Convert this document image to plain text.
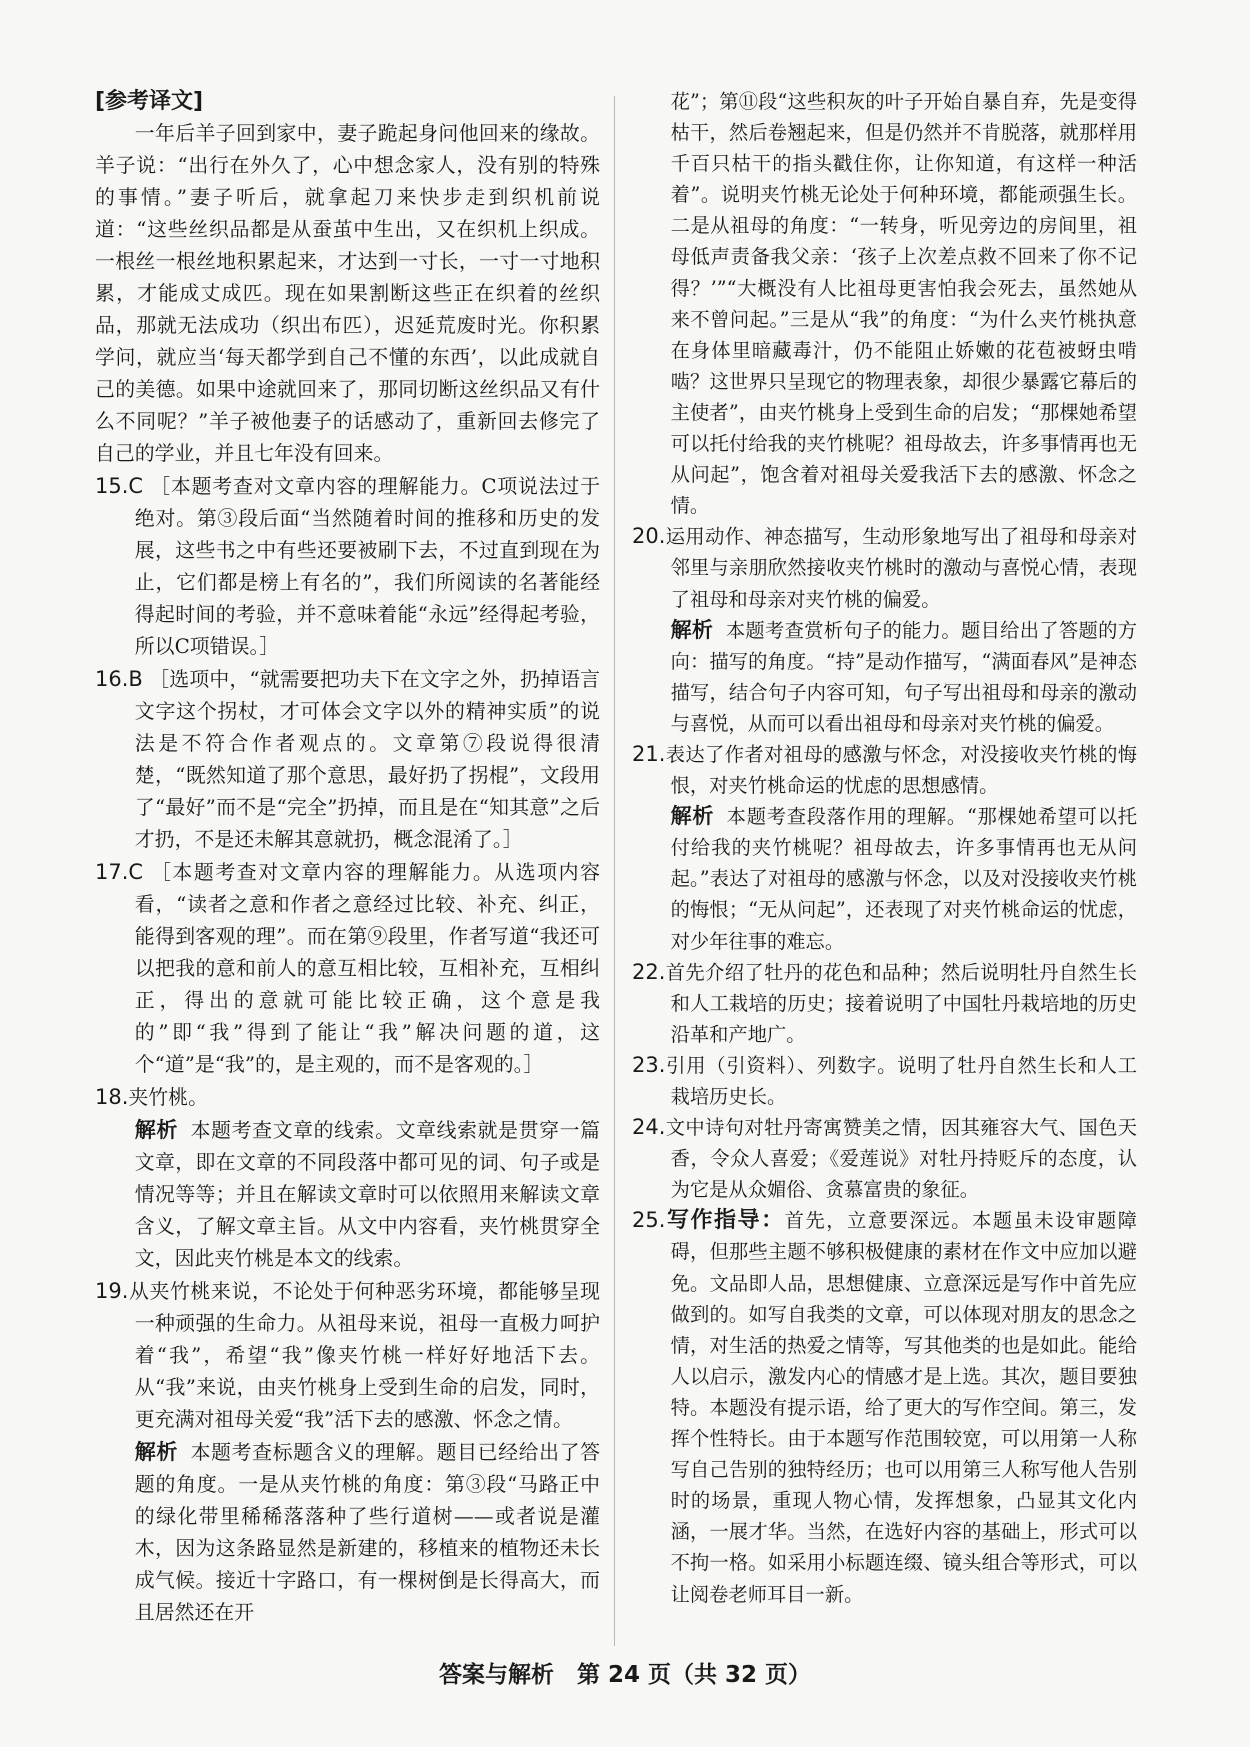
[参考译文]

一年后羊子回到家中，妻子跪起身问他回来的缘故。羊子说：“出行在外久了，心中想念家人，没有别的特殊的事情。”妻子听后，就拿起刀来快步走到织机前说道：“这些丝织品都是从蚕茧中生出，又在织机上织成。一根丝一根丝地积累起来，才达到一寸长，一寸一寸地积累，才能成丈成匹。现在如果割断这些正在织着的丝织品，那就无法成功（织出布匹），迟延荒废时光。你积累学问，就应当‘每天都学到自己不懂的东西’，以此成就自己的美德。如果中途就回来了，那同切断这丝织品又有什么不同呢？”羊子被他妻子的话感动了，重新回去修完了自己的学业，并且七年没有回来。

15.C ［本题考查对文章内容的理解能力。C项说法过于绝对。第③段后面“当然随着时间的推移和历史的发展，这些书之中有些还要被刷下去，不过直到现在为止，它们都是榜上有名的”，我们所阅读的名著能经得起时间的考验，并不意味着能“永远”经得起考验，所以C项错误。］

16.B ［选项中，“就需要把功夫下在文字之外，扔掉语言文字这个拐杖，才可体会文字以外的精神实质”的说法是不符合作者观点的。文章第⑦段说得很清楚，“既然知道了那个意思，最好扔了拐棍”，文段用了“最好”而不是“完全”扔掉，而且是在“知其意”之后才扔，不是还未解其意就扔，概念混淆了。］

17.C ［本题考查对文章内容的理解能力。从选项内容看，“读者之意和作者之意经过比较、补充、纠正，能得到客观的理”。而在第⑨段里，作者写道“我还可以把我的意和前人的意互相比较，互相补充，互相纠正，得出的意就可能比较正确，这个意是我的”即“我”得到了能让“我”解决问题的道，这个“道”是“我”的，是主观的，而不是客观的。］

18.夹竹桃。

解析 本题考查文章的线索。文章线索就是贯穿一篇文章，即在文章的不同段落中都可见的词、句子或是情况等等；并且在解读文章时可以依照用来解读文章含义，了解文章主旨。从文中内容看，夹竹桃贯穿全文，因此夹竹桃是本文的线索。

19.从夹竹桃来说，不论处于何种恶劣环境，都能够呈现一种顽强的生命力。从祖母来说，祖母一直极力呵护着“我”，希望“我”像夹竹桃一样好好地活下去。从“我”来说，由夹竹桃身上受到生命的启发，同时，更充满对祖母关爱“我”活下去的感激、怀念之情。

解析 本题考查标题含义的理解。题目已经给出了答题的角度。一是从夹竹桃的角度：第③段“马路正中的绿化带里稀稀落落种了些行道树——或者说是灌木，因为这条路显然是新建的，移植来的植物还未长成气候。接近十字路口，有一棵树倒是长得高大，而且居然还在开

花”；第⑪段“这些积灰的叶子开始自暴自弃，先是变得枯干，然后卷翘起来，但是仍然并不肯脱落，就那样用千百只枯干的指头戳住你，让你知道，有这样一种活着”。说明夹竹桃无论处于何种环境，都能顽强生长。二是从祖母的角度：“一转身，听见旁边的房间里，祖母低声责备我父亲：‘孩子上次差点救不回来了你不记得？’”“大概没有人比祖母更害怕我会死去，虽然她从来不曾问起。”三是从“我”的角度：“为什么夹竹桃执意在身体里暗藏毒汁，仍不能阻止娇嫩的花苞被蚜虫啃啮？这世界只呈现它的物理表象，却很少暴露它幕后的主使者”，由夹竹桃身上受到生命的启发；“那棵她希望可以托付给我的夹竹桃呢？祖母故去，许多事情再也无从问起”，饱含着对祖母关爱我活下去的感激、怀念之情。

20.运用动作、神态描写，生动形象地写出了祖母和母亲对邻里与亲朋欣然接收夹竹桃时的激动与喜悦心情，表现了祖母和母亲对夹竹桃的偏爱。

解析 本题考查赏析句子的能力。题目给出了答题的方向：描写的角度。“持”是动作描写，“满面春风”是神态描写，结合句子内容可知，句子写出祖母和母亲的激动与喜悦，从而可以看出祖母和母亲对夹竹桃的偏爱。

21.表达了作者对祖母的感激与怀念，对没接收夹竹桃的悔恨，对夹竹桃命运的忧虑的思想感情。

解析 本题考查段落作用的理解。“那棵她希望可以托付给我的夹竹桃呢？祖母故去，许多事情再也无从问起。”表达了对祖母的感激与怀念，以及对没接收夹竹桃的悔恨；“无从问起”，还表现了对夹竹桃命运的忧虑，对少年往事的难忘。

22.首先介绍了牡丹的花色和品种；然后说明牡丹自然生长和人工栽培的历史；接着说明了中国牡丹栽培地的历史沿革和产地广。

23.引用（引资料）、列数字。说明了牡丹自然生长和人工栽培历史长。

24.文中诗句对牡丹寄寓赞美之情，因其雍容大气、国色天香，令众人喜爱；《爱莲说》对牡丹持贬斥的态度，认为它是从众媚俗、贪慕富贵的象征。

25.写作指导：首先，立意要深远。本题虽未设审题障碍，但那些主题不够积极健康的素材在作文中应加以避免。文品即人品，思想健康、立意深远是写作中首先应做到的。如写自我类的文章，可以体现对朋友的思念之情，对生活的热爱之情等，写其他类的也是如此。能给人以启示，激发内心的情感才是上选。其次，题目要独特。本题没有提示语，给了更大的写作空间。第三，发挥个性特长。由于本题写作范围较宽，可以用第一人称写自己告别的独特经历；也可以用第三人称写他人告别时的场景，重现人物心情，发挥想象，凸显其文化内涵，一展才华。当然，在选好内容的基础上，形式可以不拘一格。如采用小标题连缀、镜头组合等形式，可以让阅卷老师耳目一新。

答案与解析　第 24 页（共 32 页）
